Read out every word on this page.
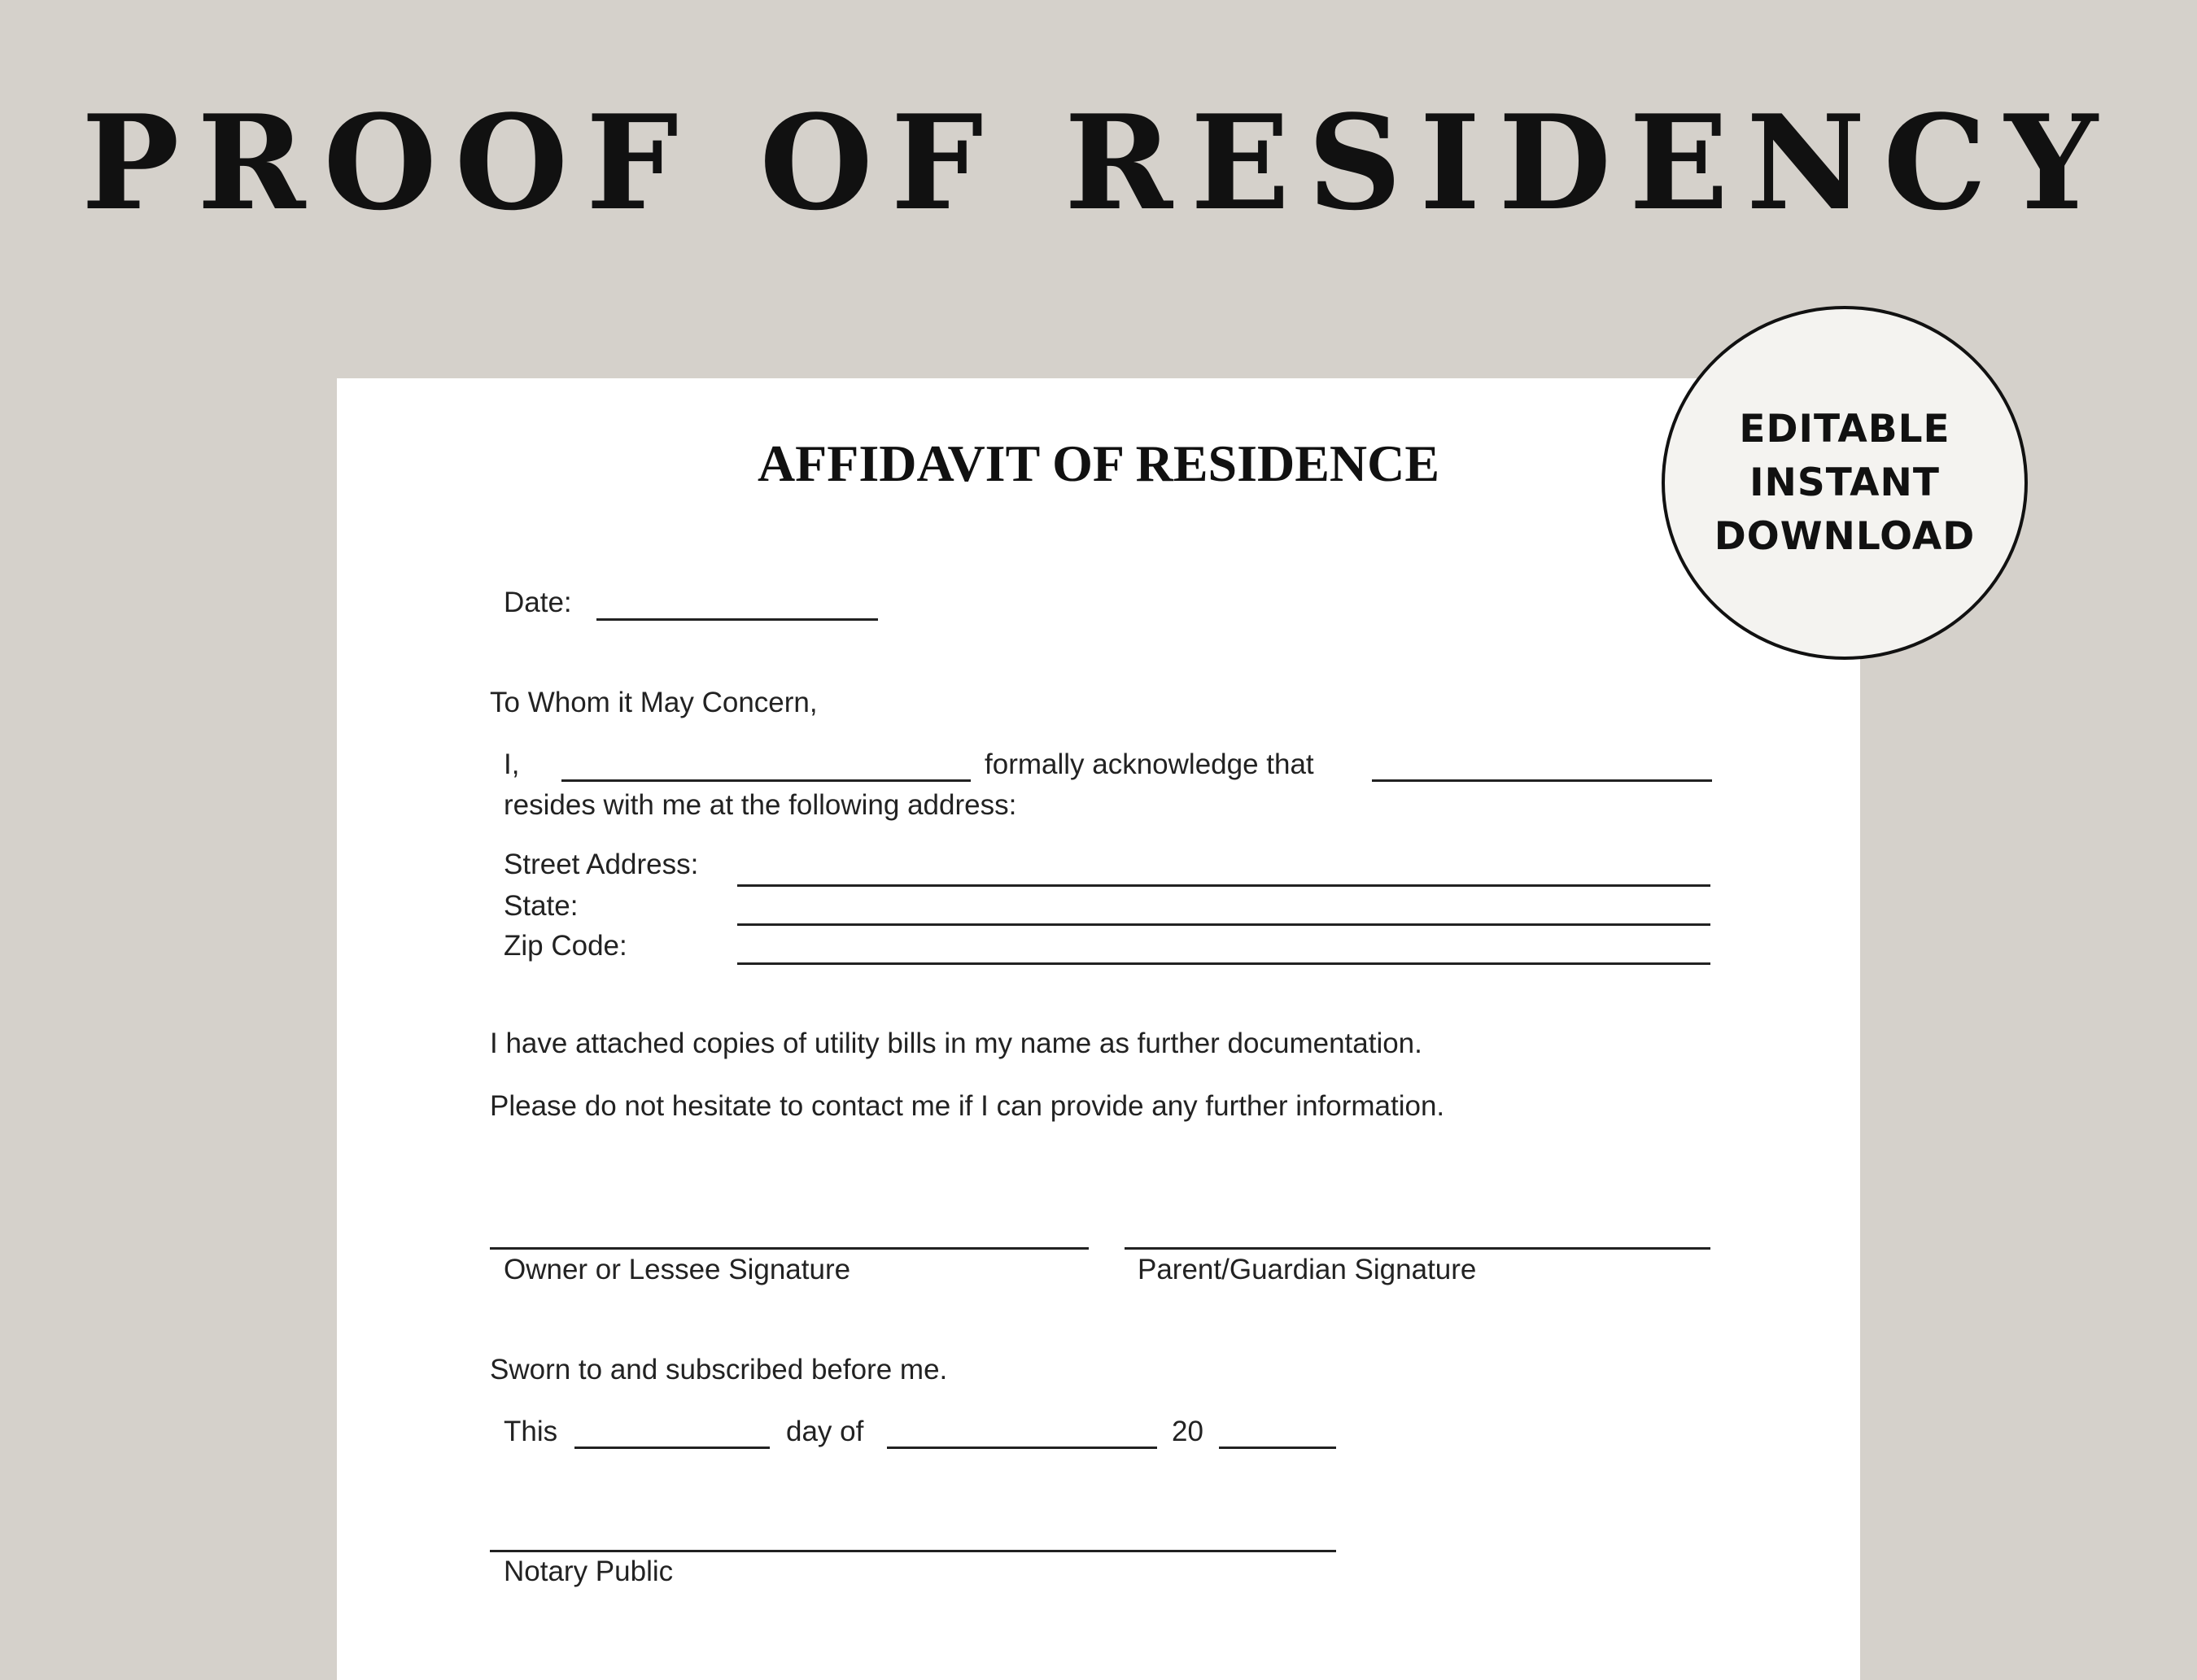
PROOF OF RESIDENCY
EDITABLE
INSTANT
DOWNLOAD
AFFIDAVIT OF RESIDENCE
Date:
To Whom it May Concern,
I,	formally acknowledge that
resides with me at the following address:
Street Address:
State:
Zip Code:
I have attached copies of utility bills in my name as further documentation.
Please do not hesitate to contact me if I can provide any further information.
Owner or Lessee Signature	Parent/Guardian Signature
Sworn to and subscribed before me.
This	day of	20
Notary Public
